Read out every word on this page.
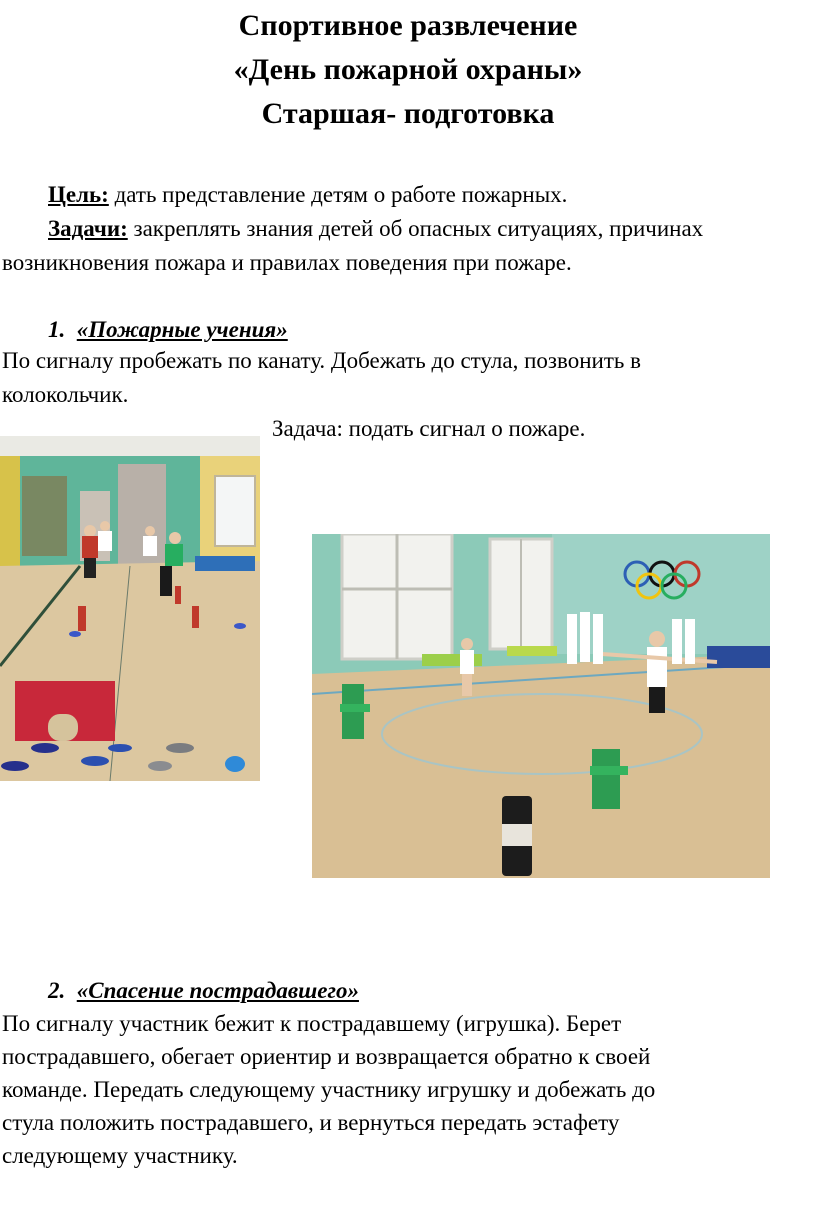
Спортивное развлечение
«День пожарной охраны»
Старшая- подготовка
Цель: дать представление детям о работе пожарных.
Задачи: закреплять знания детей об опасных ситуациях, причинах
возникновения пожара и правилах поведения при пожаре.
1. «Пожарные учения»
По сигналу пробежать по канату. Добежать до стула, позвонить в
колокольчик.
Задача: подать сигнал о пожаре.
2. «Спасение пострадавшего»
По сигналу участник бежит к пострадавшему (игрушка). Берет
пострадавшего, обегает ориентир и возвращается обратно к своей
команде. Передать следующему участнику игрушку и добежать до
стула положить пострадавшего, и вернуться передать эстафету
следующему участнику.
